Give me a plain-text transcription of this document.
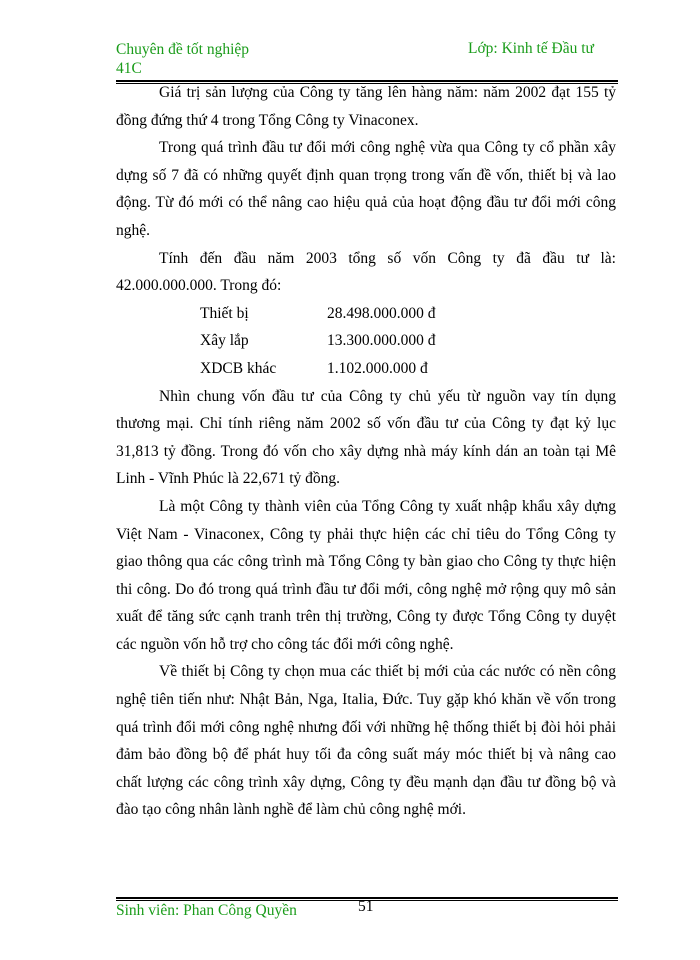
Chuyên đề tốt nghiệp
41C
Lớp: Kinh tế Đầu tư

Giá trị sản lượng của Công ty tăng lên hàng năm: năm 2002 đạt 155 tỷ đồng đứng thứ 4 trong Tổng Công ty Vinaconex.

Trong quá trình đầu tư đổi mới công nghệ vừa qua Công ty cổ phần xây dựng số 7 đã có những quyết định quan trọng trong vấn đề vốn, thiết bị và lao động. Từ đó mới có thể nâng cao hiệu quả của hoạt động đầu tư đổi mới công nghệ.

Tính đến đầu năm 2003 tổng số vốn Công ty đã đầu tư là: 42.000.000.000. Trong đó:

Thiết bị	28.498.000.000 đ
Xây lắp	13.300.000.000 đ
XDCB khác	1.102.000.000 đ

Nhìn chung vốn đầu tư của Công ty chủ yếu từ nguồn vay tín dụng thương mại. Chỉ tính riêng năm 2002 số vốn đầu tư của Công ty đạt kỷ lục 31,813 tỷ đồng. Trong đó vốn cho xây dựng nhà máy kính dán an toàn tại Mê Linh - Vĩnh Phúc là 22,671 tỷ đồng.

Là một Công ty thành viên của Tổng Công ty xuất nhập khẩu xây dựng Việt Nam - Vinaconex, Công ty phải thực hiện các chỉ tiêu do Tổng Công ty giao thông qua các công trình mà Tổng Công ty bàn giao cho Công ty thực hiện thi công. Do đó trong quá trình đầu tư đổi mới, công nghệ mở rộng quy mô sản xuất để tăng sức cạnh tranh trên thị trường, Công ty được Tổng Công ty duyệt các nguồn vốn hỗ trợ cho công tác đổi mới công nghệ.

Về thiết bị Công ty chọn mua các thiết bị mới của các nước có nền công nghệ tiên tiến như: Nhật Bản, Nga, Italia, Đức. Tuy gặp khó khăn về vốn trong quá trình đổi mới công nghệ nhưng đối với những hệ thống thiết bị đòi hỏi phải đảm bảo đồng bộ để phát huy tối đa công suất máy móc thiết bị và nâng cao chất lượng các công trình xây dựng, Công ty đều mạnh dạn đầu tư đồng bộ và đào tạo công nhân lành nghề để làm chủ công nghệ mới.

Sinh viên: Phan Công Quyền	51
